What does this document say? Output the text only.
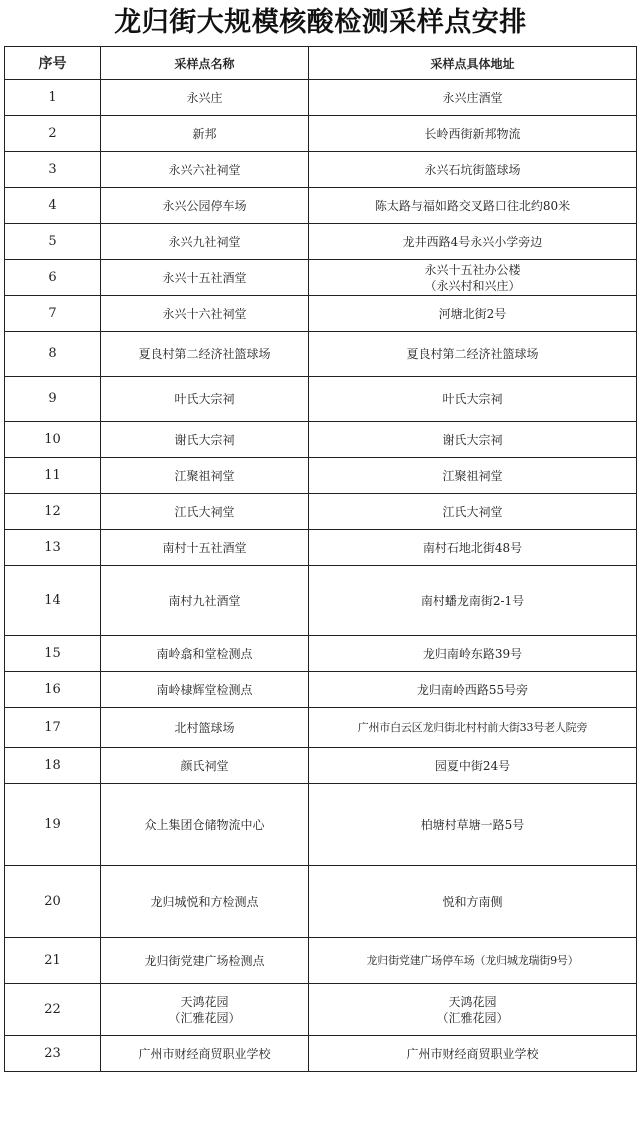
龙归街大规模核酸检测采样点安排
序号	采样点名称	采样点具体地址
1	永兴庄	永兴庄酒堂

2	新邦	长岭西街新邦物流

3	永兴六社祠堂	永兴石坑街篮球场

4	永兴公园停车场	陈太路与福如路交叉路口往北约80米

5	永兴九社祠堂	龙井西路4号永兴小学旁边

6	永兴十五社酒堂	永兴十五社办公楼
（永兴村和兴庄）

7	永兴十六社祠堂	河塘北街2号

8	夏良村第二经济社篮球场	夏良村第二经济社篮球场

9	叶氏大宗祠	叶氏大宗祠

10	谢氏大宗祠	谢氏大宗祠

11	江聚祖祠堂	江聚祖祠堂

12	江氏大祠堂	江氏大祠堂

13	南村十五社酒堂	南村石地北街48号

14	南村九社酒堂	南村蟠龙南街2-1号

15	南岭翕和堂检测点	龙归南岭东路39号

16	南岭棣辉堂检测点	龙归南岭西路55号旁

17	北村篮球场	广州市白云区龙归街北村村前大街33号老人院旁

18	颜氏祠堂	园夏中街24号

19	众上集团仓储物流中心	柏塘村草塘一路5号

20	龙归城悦和方检测点	悦和方南侧

21	龙归街党建广场检测点	龙归街党建广场停车场（龙归城龙瑞街9号）

22	天鸿花园
（汇雅花园）	天鸿花园
（汇雅花园）

23	广州市财经商贸职业学校	广州市财经商贸职业学校
